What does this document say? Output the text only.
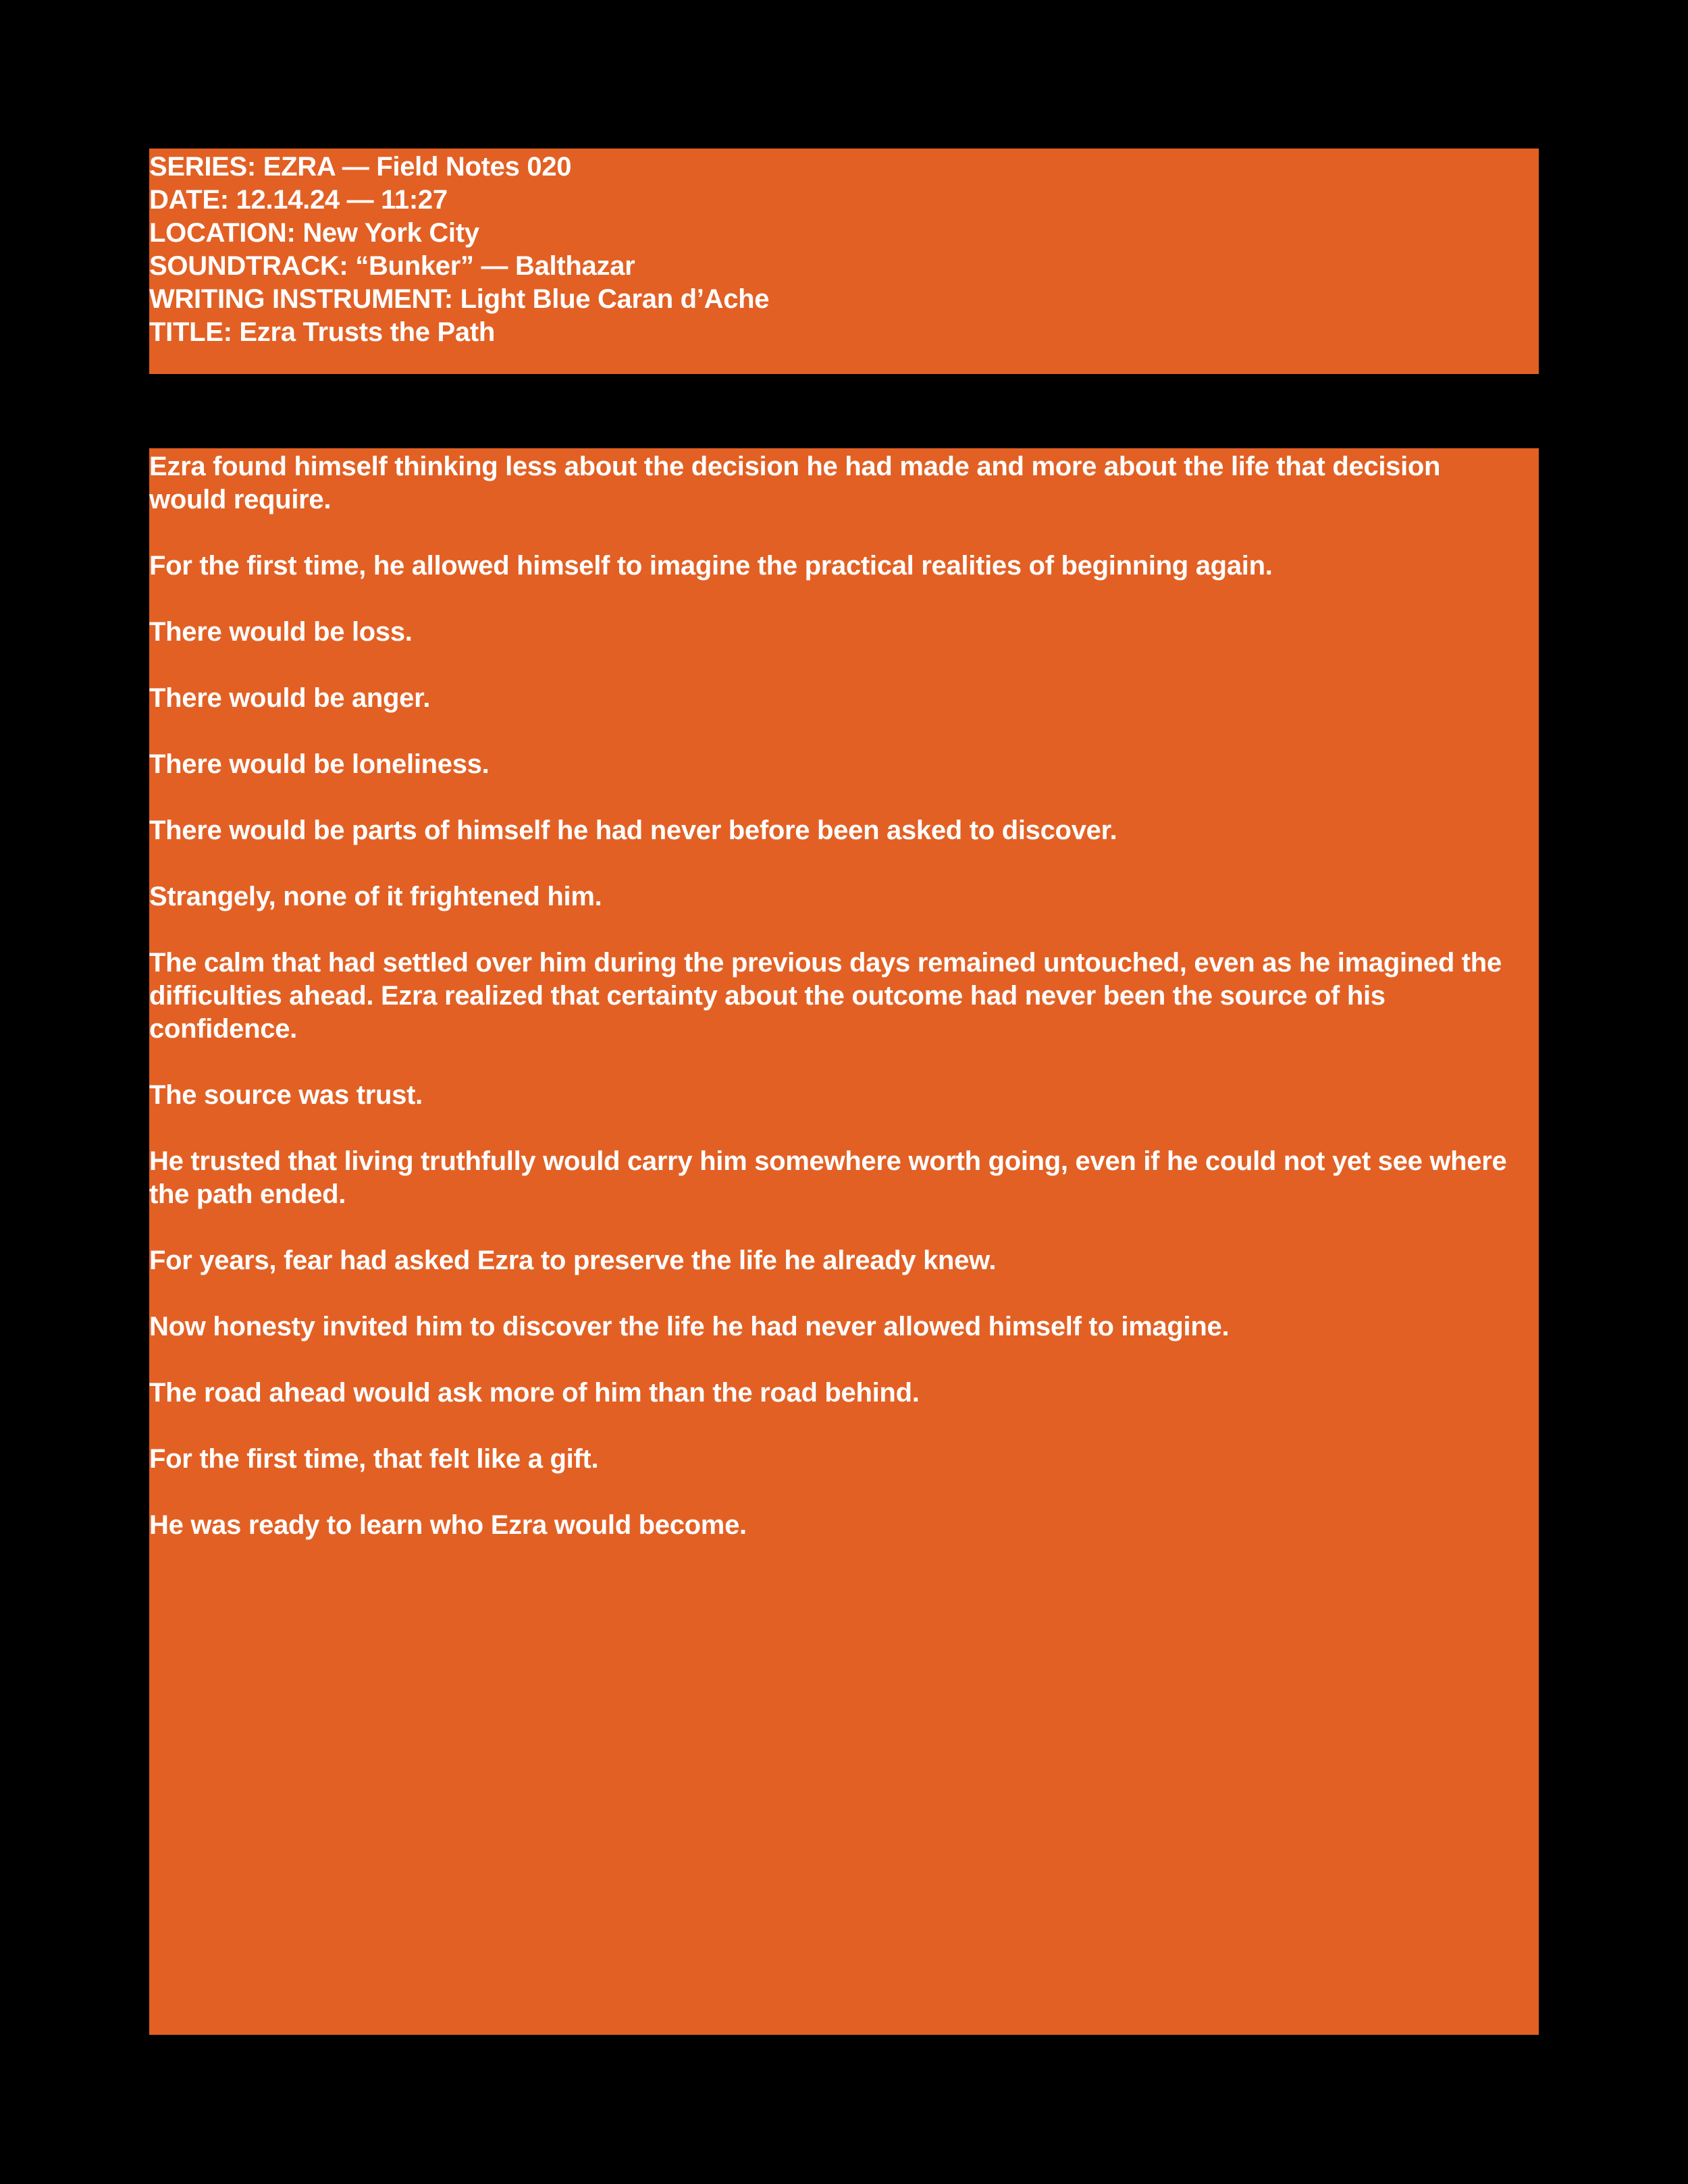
SERIES: EZRA — Field Notes 020
DATE: 12.14.24 — 11:27
LOCATION: New York City
SOUNDTRACK: “Bunker” — Balthazar
WRITING INSTRUMENT: Light Blue Caran d’Ache
TITLE: Ezra Trusts the Path

Ezra found himself thinking less about the decision he had made and more about the life that decision would require.

For the first time, he allowed himself to imagine the practical realities of beginning again.

There would be loss.

There would be anger.

There would be loneliness.

There would be parts of himself he had never before been asked to discover.

Strangely, none of it frightened him.

The calm that had settled over him during the previous days remained untouched, even as he imagined the difficulties ahead. Ezra realized that certainty about the outcome had never been the source of his confidence.

The source was trust.

He trusted that living truthfully would carry him somewhere worth going, even if he could not yet see where the path ended.

For years, fear had asked Ezra to preserve the life he already knew.

Now honesty invited him to discover the life he had never allowed himself to imagine.

The road ahead would ask more of him than the road behind.

For the first time, that felt like a gift.

He was ready to learn who Ezra would become.
